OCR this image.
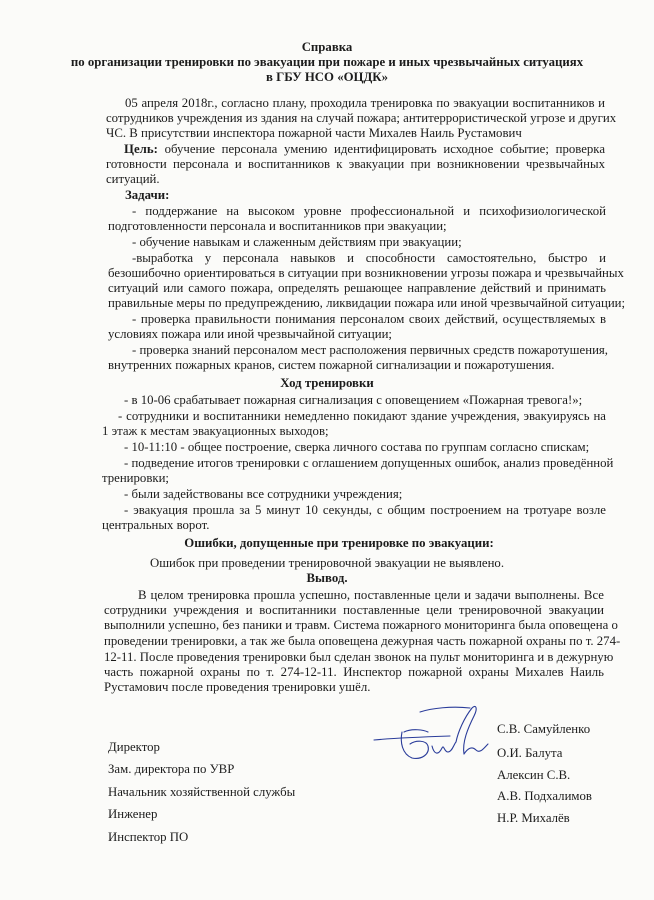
Справка
по организации тренировки по эвакуации при пожаре и иных чрезвычайных ситуациях
в ГБУ НСО «ОЦДК»
05 апреля 2018г., согласно плану, проходила тренировка по эвакуации воспитанников и
сотрудников учреждения из здания на случай пожара; антитеррористической угрозе и других
ЧС. В присутствии инспектора пожарной части Михалев Наиль Рустамович
Цель: обучение персонала умению идентифицировать исходное событие; проверка
готовности персонала и воспитанников к эвакуации при возникновении чрезвычайных
ситуаций.
Задачи:
- поддержание на высоком уровне профессиональной и психофизиологической
подготовленности персонала и воспитанников при эвакуации;
- обучение навыкам и слаженным действиям при эвакуации;
-выработка у персонала навыков и способности самостоятельно, быстро и
безошибочно ориентироваться в ситуации при возникновении угрозы пожара и чрезвычайных
ситуаций или самого пожара, определять решающее направление действий и принимать
правильные меры по предупреждению, ликвидации пожара или иной чрезвычайной ситуации;
- проверка правильности понимания персоналом своих действий, осуществляемых в
условиях пожара или иной чрезвычайной ситуации;
- проверка знаний персоналом мест расположения первичных средств пожаротушения,
внутренних пожарных кранов, систем пожарной сигнализации и пожаротушения.
Ход тренировки
- в 10-06 срабатывает пожарная сигнализация с оповещением «Пожарная тревога!»;
- сотрудники и воспитанники немедленно покидают здание учреждения, эвакуируясь на
1 этаж к местам эвакуационных выходов;
- 10-11:10 - общее построение, сверка личного состава по группам согласно спискам;
- подведение итогов тренировки с оглашением допущенных ошибок, анализ проведённой
тренировки;
- были задействованы все сотрудники учреждения;
- эвакуация прошла за 5 минут 10 секунды, с общим построением на тротуаре возле
центральных ворот.
Ошибки, допущенные при тренировке по эвакуации:
Ошибок при проведении тренировочной эвакуации не выявлено.
Вывод.
В целом тренировка прошла успешно, поставленные цели и задачи выполнены. Все
сотрудники учреждения и воспитанники поставленные цели тренировочной эвакуации
выполнили успешно, без паники и травм. Система пожарного мониторинга была оповещена о
проведении тренировки, а так же была оповещена дежурная часть пожарной охраны по т. 274-
12-11. После проведения тренировки был сделан звонок на пульт мониторинга и в дежурную
часть пожарной охраны по т. 274-12-11. Инспектор пожарной охраны Михалев Наиль
Рустамович после проведения тренировки ушёл.
Директор
Зам. директора по УВР
Начальник хозяйственной службы
Инженер
Инспектор ПО
С.В. Самуйленко
О.И. Балута
Алексин С.В.
А.В. Подхалимов
Н.Р. Михалёв
